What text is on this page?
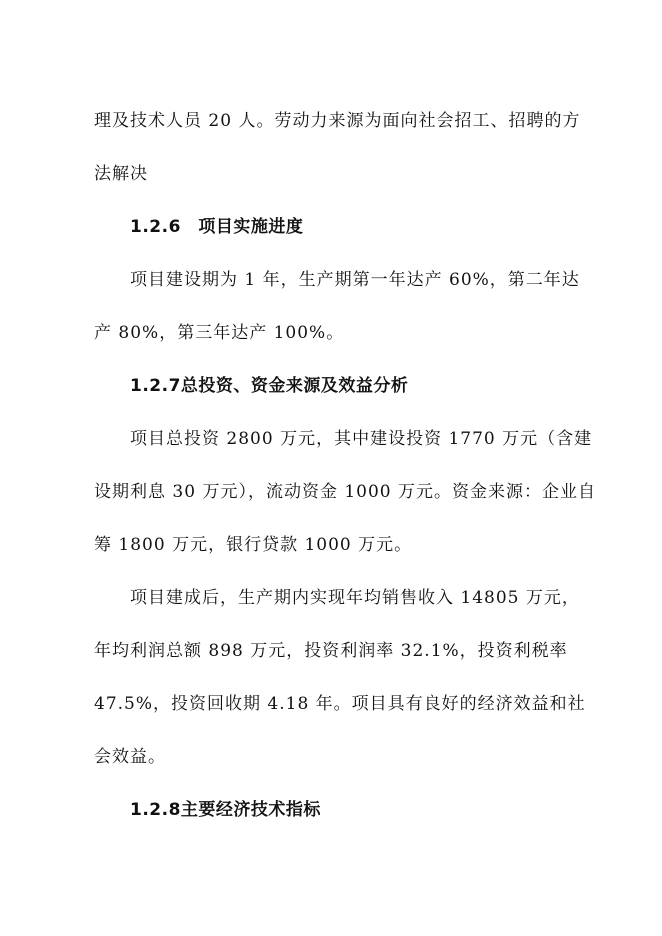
理及技术人员 20 人。劳动力来源为面向社会招工、招聘的方
法解决
1.2.6　项目实施进度
项目建设期为 1 年，生产期第一年达产 60%，第二年达
产 80%，第三年达产 100%。
1.2.7总投资、资金来源及效益分析
项目总投资 2800 万元，其中建设投资 1770 万元（含建
设期利息 30 万元），流动资金 1000 万元。资金来源：企业自
筹 1800 万元，银行贷款 1000 万元。
项目建成后，生产期内实现年均销售收入 14805 万元，
年均利润总额 898 万元，投资利润率 32.1%，投资利税率
47.5%，投资回收期 4.18 年。项目具有良好的经济效益和社
会效益。
1.2.8主要经济技术指标
